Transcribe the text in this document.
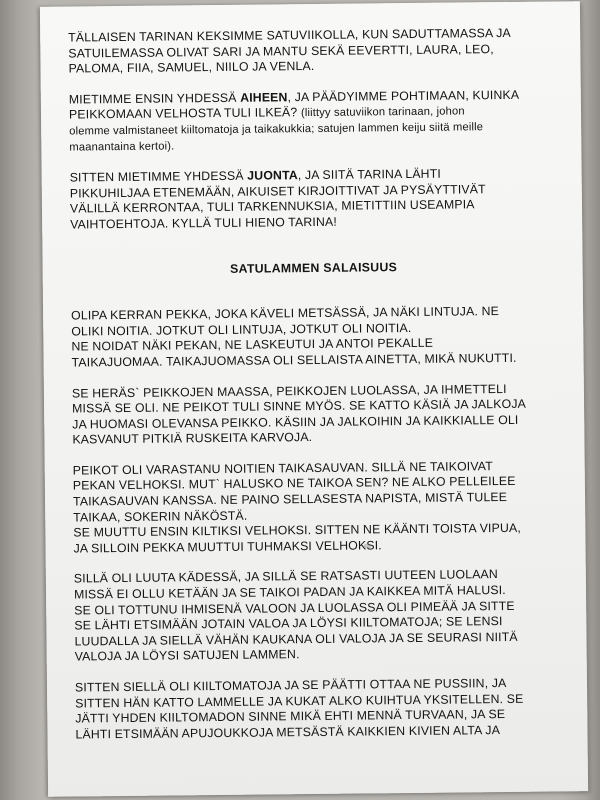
TÄLLAISEN TARINAN KEKSIMME SATUVIIKOLLA, KUN SADUTTAMASSA JA
SATUILEMASSA OLIVAT SARI JA MANTU SEKÄ EEVERTTI, LAURA, LEO,
PALOMA, FIIA, SAMUEL, NIILO JA VENLA.
MIETIMME ENSIN YHDESSÄ AIHEEN, JA PÄÄDYIMME POHTIMAAN, KUINKA
PEIKKOMAAN VELHOSTA TULI ILKEÄ? (liittyy satuviikon tarinaan, johon
olemme valmistaneet kiiltomatoja ja taikakukkia; satujen lammen keiju siitä meille
maanantaina kertoi).
SITTEN MIETIMME YHDESSÄ JUONTA, JA SIITÄ TARINA LÄHTI
PIKKUHILJAA ETENEMÄÄN, AIKUISET KIRJOITTIVAT JA PYSÄYTTIVÄT
VÄLILLÄ KERRONTAA, TULI TARKENNUKSIA, MIETITTIIN USEAMPIA
VAIHTOEHTOJA. KYLLÄ TULI HIENO TARINA!
SATULAMMEN SALAISUUS
OLIPA KERRAN PEKKA, JOKA KÄVELI METSÄSSÄ, JA NÄKI LINTUJA. NE
OLIKI NOITIA. JOTKUT OLI LINTUJA, JOTKUT OLI NOITIA.
NE NOIDAT NÄKI PEKAN, NE LASKEUTUI JA ANTOI PEKALLE
TAIKAJUOMAA. TAIKAJUOMASSA OLI SELLAISTA AINETTA, MIKÄ NUKUTTI.
SE HERÄS` PEIKKOJEN MAASSA, PEIKKOJEN LUOLASSA, JA IHMETTELI
MISSÄ SE OLI. NE PEIKOT TULI SINNE MYÖS. SE KATTO KÄSIÄ JA JALKOJA
JA HUOMASI OLEVANSA PEIKKO. KÄSIIN JA JALKOIHIN JA KAIKKIALLE OLI
KASVANUT PITKIÄ RUSKEITA KARVOJA.
PEIKOT OLI VARASTANU NOITIEN TAIKASAUVAN. SILLÄ NE TAIKOIVAT
PEKAN VELHOKSI. MUT` HALUSKO NE TAIKOA SEN? NE ALKO PELLEILEE
TAIKASAUVAN KANSSA. NE PAINO SELLASESTA NAPISTA, MISTÄ TULEE
TAIKAA, SOKERIN NÄKÖSTÄ.
SE MUUTTU ENSIN KILTIKSI VELHOKSI. SITTEN NE KÄÄNTI TOISTA VIPUA,
JA SILLOIN PEKKA MUUTTUI TUHMAKSI VELHOKSI.
SILLÄ OLI LUUTA KÄDESSÄ, JA SILLÄ SE RATSASTI UUTEEN LUOLAAN
MISSÄ EI OLLU KETÄÄN JA SE TAIKOI PADAN JA KAIKKEA MITÄ HALUSI.
SE OLI TOTTUNU IHMISENÄ VALOON JA LUOLASSA OLI PIMEÄÄ JA SITTE
SE LÄHTI ETSIMÄÄN JOTAIN VALOA JA LÖYSI KIILTOMATOJA; SE LENSI
LUUDALLA JA SIELLÄ VÄHÄN KAUKANA OLI VALOJA JA SE SEURASI NIITÄ
VALOJA JA LÖYSI SATUJEN LAMMEN.
SITTEN SIELLÄ OLI KIILTOMATOJA JA SE PÄÄTTI OTTAA NE PUSSIIN, JA
SITTEN HÄN KATTO LAMMELLE JA KUKAT ALKO KUIHTUA YKSITELLEN. SE
JÄTTI YHDEN KIILTOMADON SINNE MIKÄ EHTI MENNÄ TURVAAN, JA SE
LÄHTI ETSIMÄÄN APUJOUKKOJA METSÄSTÄ KAIKKIEN KIVIEN ALTA JA
